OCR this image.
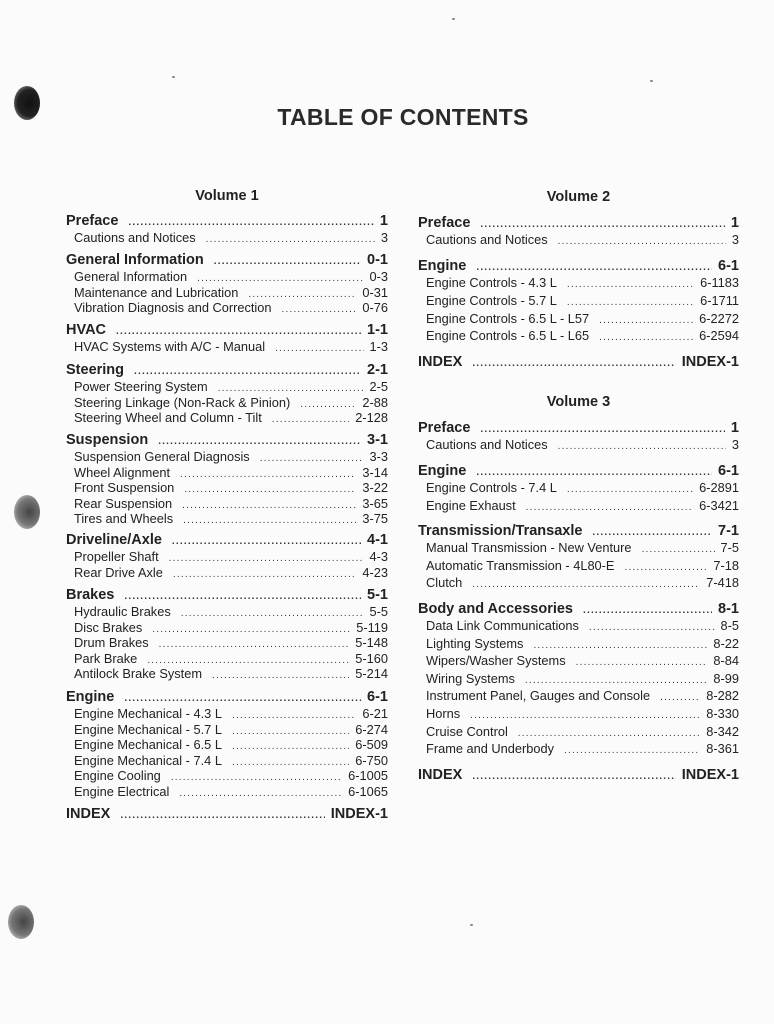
TABLE OF CONTENTS
Volume 1
Preface .....	1
Cautions and Notices .....	3
General Information .....	0-1
General Information .....	0-3
Maintenance and Lubrication .....	0-31
Vibration Diagnosis and Correction .....	0-76
HVAC .....	1-1
HVAC Systems with A/C - Manual .....	1-3
Steering .....	2-1
Power Steering System .....	2-5
Steering Linkage (Non-Rack & Pinion) .....	2-88
Steering Wheel and Column - Tilt .....	2-128
Suspension .....	3-1
Suspension General Diagnosis .....	3-3
Wheel Alignment .....	3-14
Front Suspension .....	3-22
Rear Suspension .....	3-65
Tires and Wheels .....	3-75
Driveline/Axle .....	4-1
Propeller Shaft .....	4-3
Rear Drive Axle .....	4-23
Brakes .....	5-1
Hydraulic Brakes .....	5-5
Disc Brakes .....	5-119
Drum Brakes .....	5-148
Park Brake .....	5-160
Antilock Brake System .....	5-214
Engine .....	6-1
Engine Mechanical - 4.3 L .....	6-21
Engine Mechanical - 5.7 L .....	6-274
Engine Mechanical - 6.5 L .....	6-509
Engine Mechanical - 7.4 L .....	6-750
Engine Cooling .....	6-1005
Engine Electrical .....	6-1065
INDEX .....	INDEX-1
Volume 2
Preface .....	1
Cautions and Notices .....	3
Engine .....	6-1
Engine Controls - 4.3 L .....	6-1183
Engine Controls - 5.7 L .....	6-1711
Engine Controls - 6.5 L - L57 .....	6-2272
Engine Controls - 6.5 L - L65 .....	6-2594
INDEX .....	INDEX-1
Volume 3
Preface .....	1
Cautions and Notices .....	3
Engine .....	6-1
Engine Controls - 7.4 L .....	6-2891
Engine Exhaust .....	6-3421
Transmission/Transaxle .....	7-1
Manual Transmission - New Venture .....	7-5
Automatic Transmission - 4L80-E .....	7-18
Clutch .....	7-418
Body and Accessories .....	8-1
Data Link Communications .....	8-5
Lighting Systems .....	8-22
Wipers/Washer Systems .....	8-84
Wiring Systems .....	8-99
Instrument Panel, Gauges and Console .....	8-282
Horns .....	8-330
Cruise Control .....	8-342
Frame and Underbody .....	8-361
INDEX .....	INDEX-1
